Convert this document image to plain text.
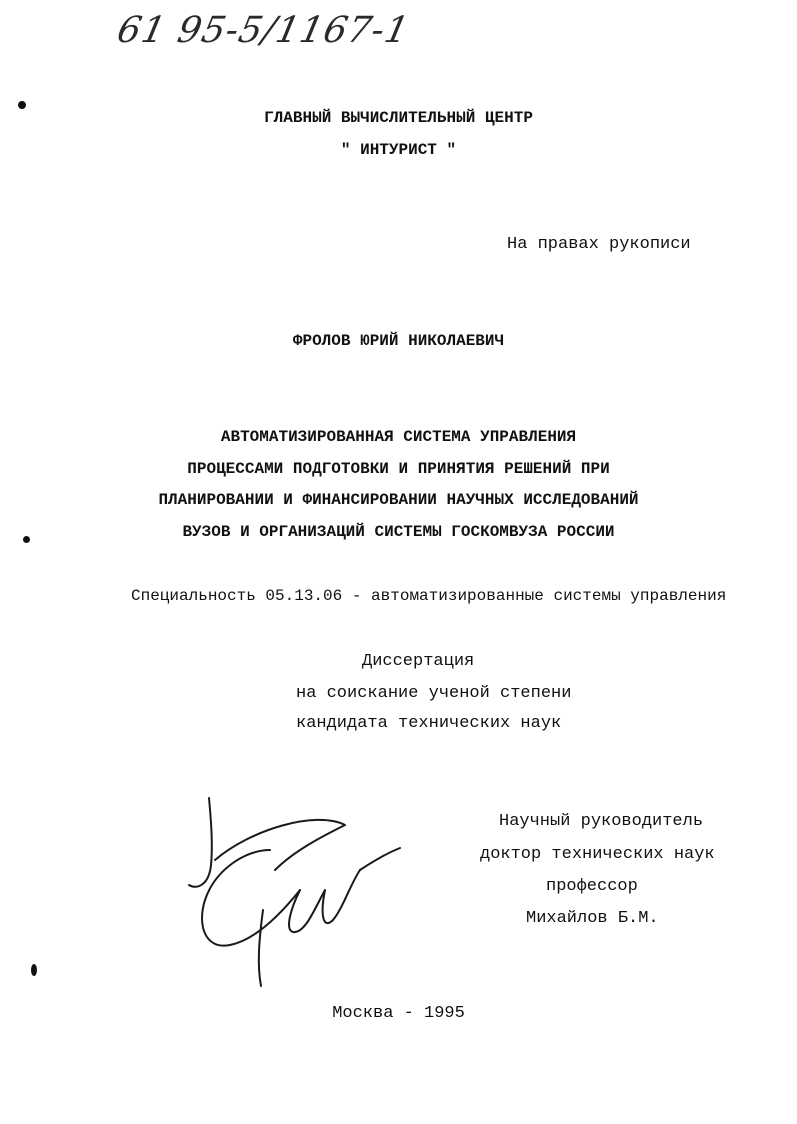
61 95-5/1167-1
ГЛАВНЫЙ ВЫЧИСЛИТЕЛЬНЫЙ ЦЕНТР
" ИНТУРИСТ "
На правах рукописи
ФРОЛОВ ЮРИЙ НИКОЛАЕВИЧ
АВТОМАТИЗИРОВАННАЯ СИСТЕМА УПРАВЛЕНИЯ
ПРОЦЕССАМИ ПОДГОТОВКИ И ПРИНЯТИЯ РЕШЕНИЙ ПРИ
ПЛАНИРОВАНИИ И ФИНАНСИРОВАНИИ НАУЧНЫХ ИССЛЕДОВАНИЙ
ВУЗОВ И ОРГАНИЗАЦИЙ СИСТЕМЫ ГОСКОМВУЗА РОССИИ
Специальность 05.13.06 - автоматизированные системы управления
Диссертация
на соискание ученой степени
кандидата технических наук
Научный руководитель
доктор технических наук
профессор
Михайлов Б.М.
Москва - 1995
